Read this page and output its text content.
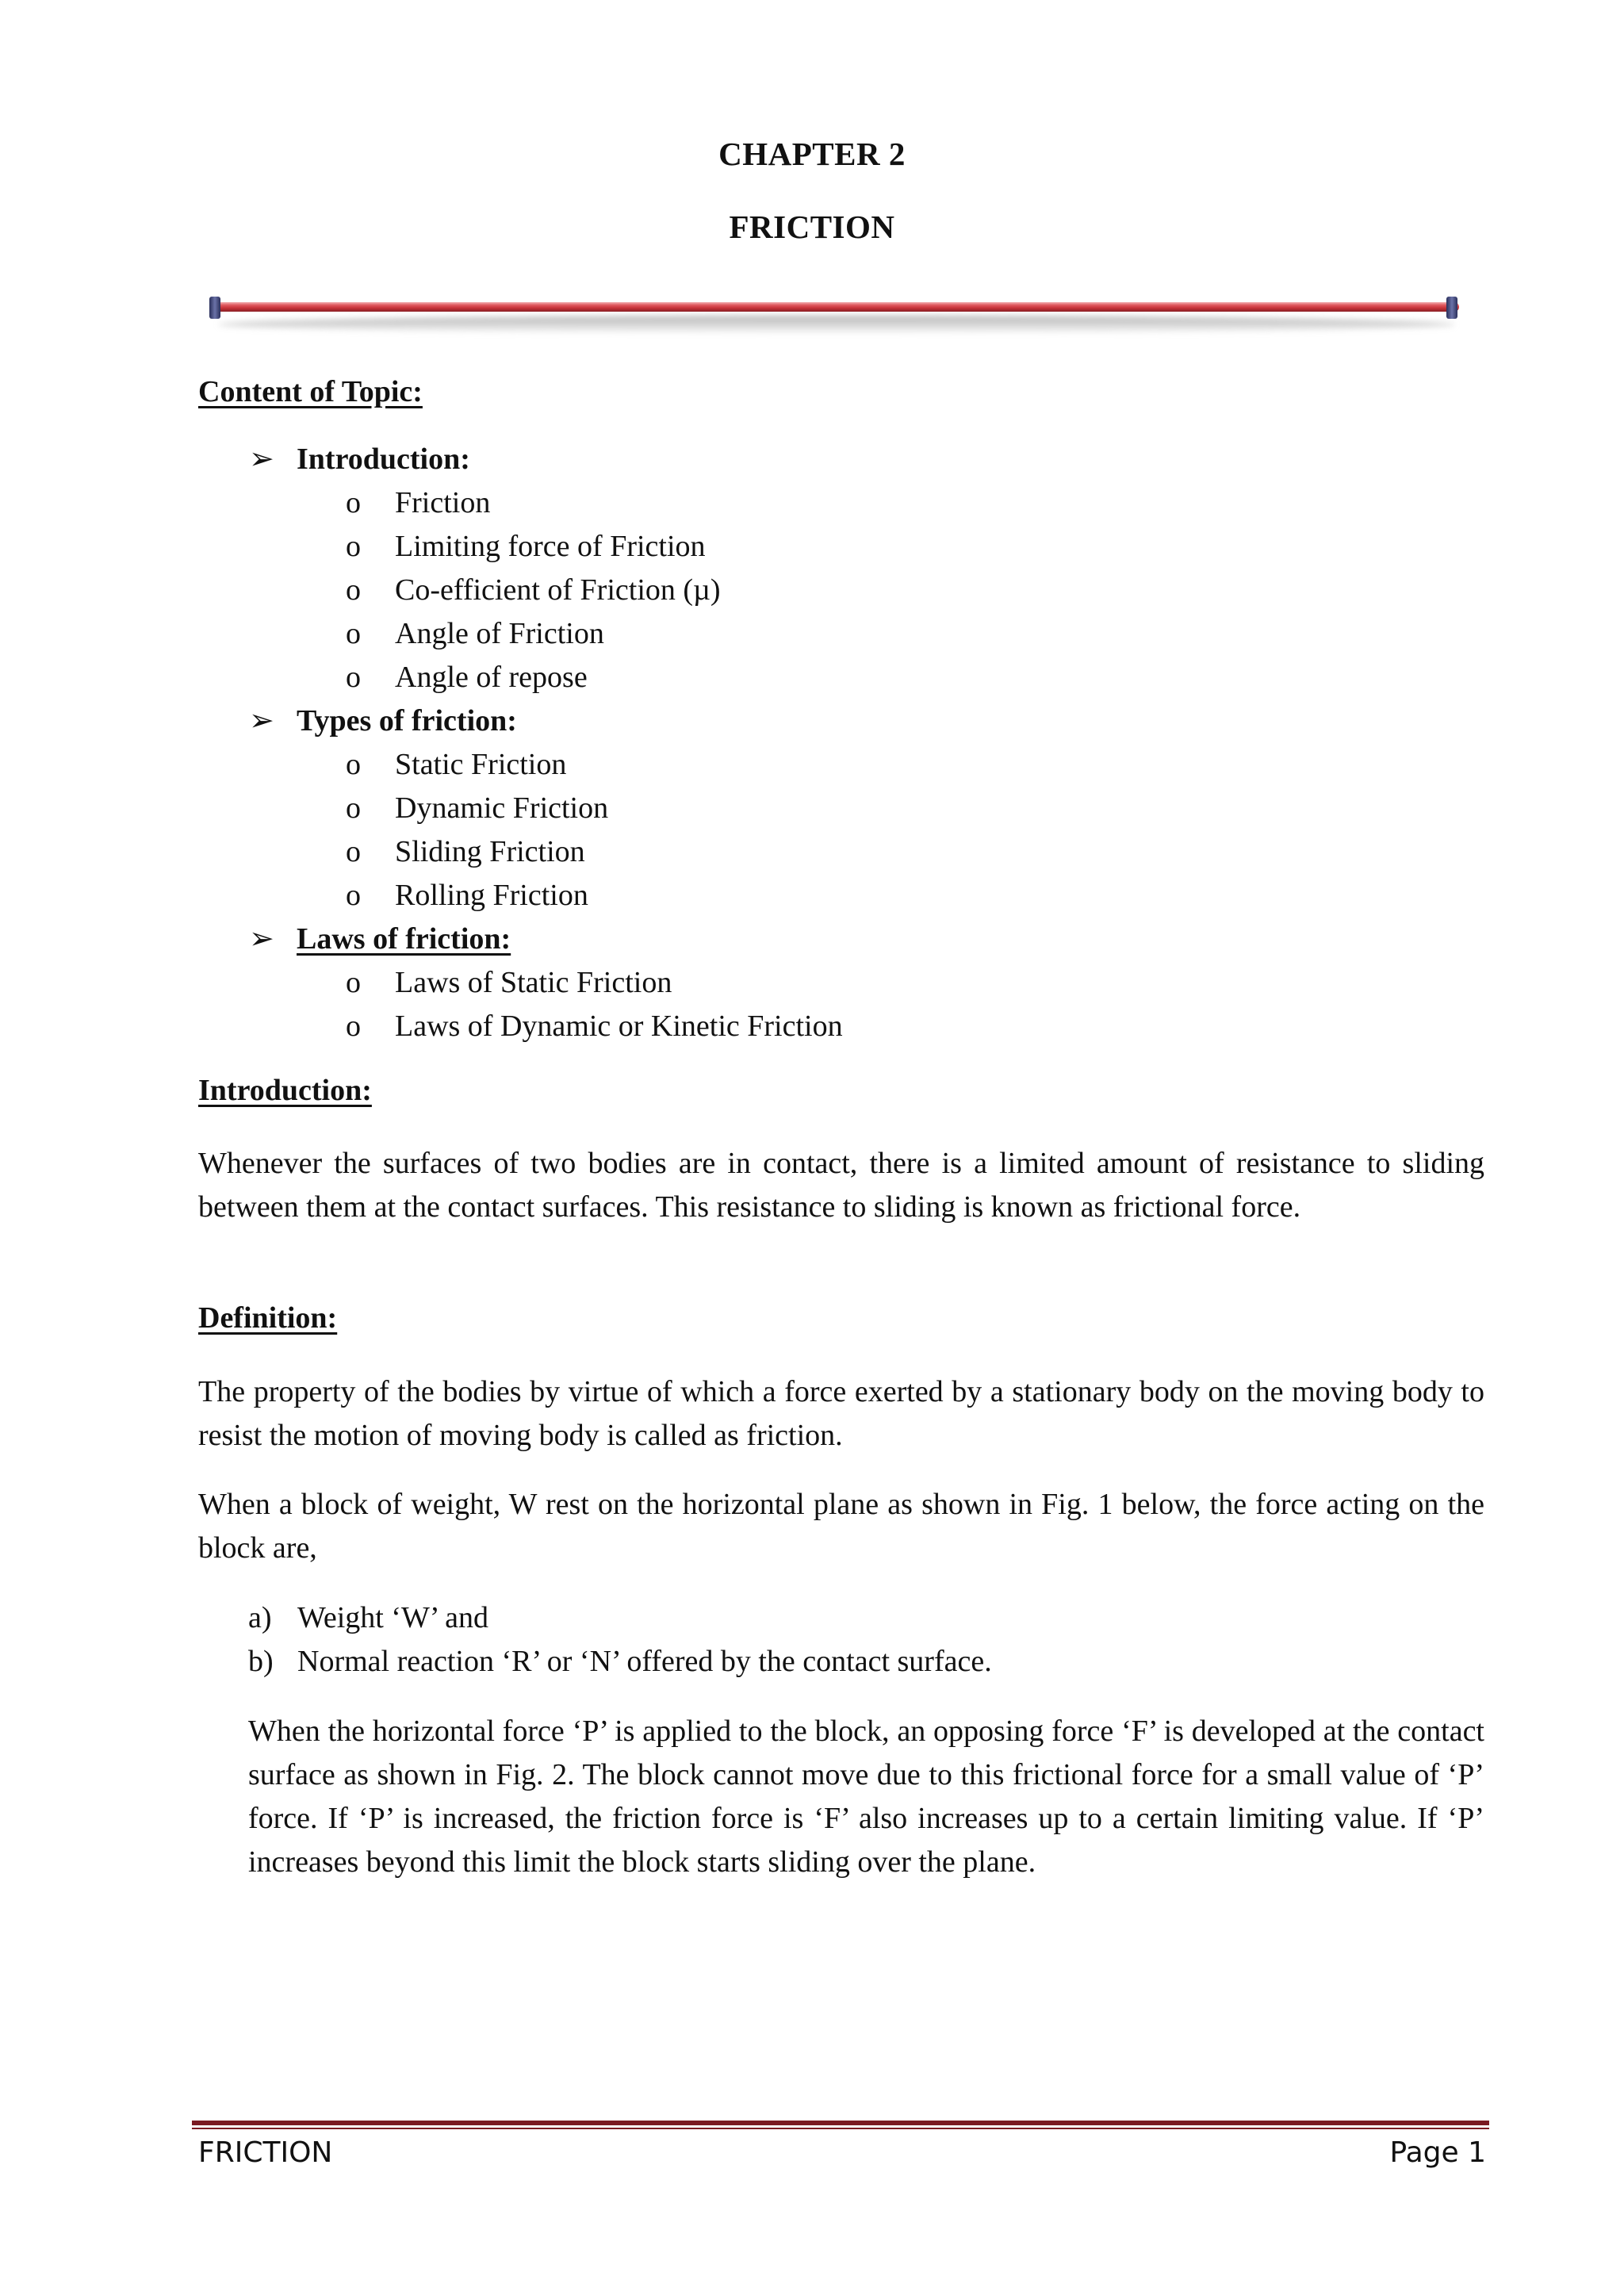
CHAPTER 2
FRICTION
Content of Topic:
➢ Introduction:
o Friction
o Limiting force of Friction
o Co-efficient of Friction (µ)
o Angle of Friction
o Angle of repose
➢ Types of friction:
o Static Friction
o Dynamic Friction
o Sliding Friction
o Rolling Friction
➢ Laws of friction:
o Laws of Static Friction
o Laws of Dynamic or Kinetic Friction
Introduction:
Whenever the surfaces of two bodies are in contact, there is a limited amount of resistance to sliding between them at the contact surfaces. This resistance to sliding is known as frictional force.
Definition:
The property of the bodies by virtue of which a force exerted by a stationary body on the moving body to resist the motion of moving body is called as friction.
When a block of weight, W rest on the horizontal plane as shown in Fig. 1 below, the force acting on the block are,
a) Weight ‘W’ and
b) Normal reaction ‘R’ or ‘N’ offered by the contact surface.
When the horizontal force ‘P’ is applied to the block, an opposing force ‘F’ is developed at the contact surface as shown in Fig. 2. The block cannot move due to this frictional force for a small value of ‘P’ force. If ‘P’ is increased, the friction force is ‘F’ also increases up to a certain limiting value. If ‘P’ increases beyond this limit the block starts sliding over the plane.
FRICTION	Page 1
